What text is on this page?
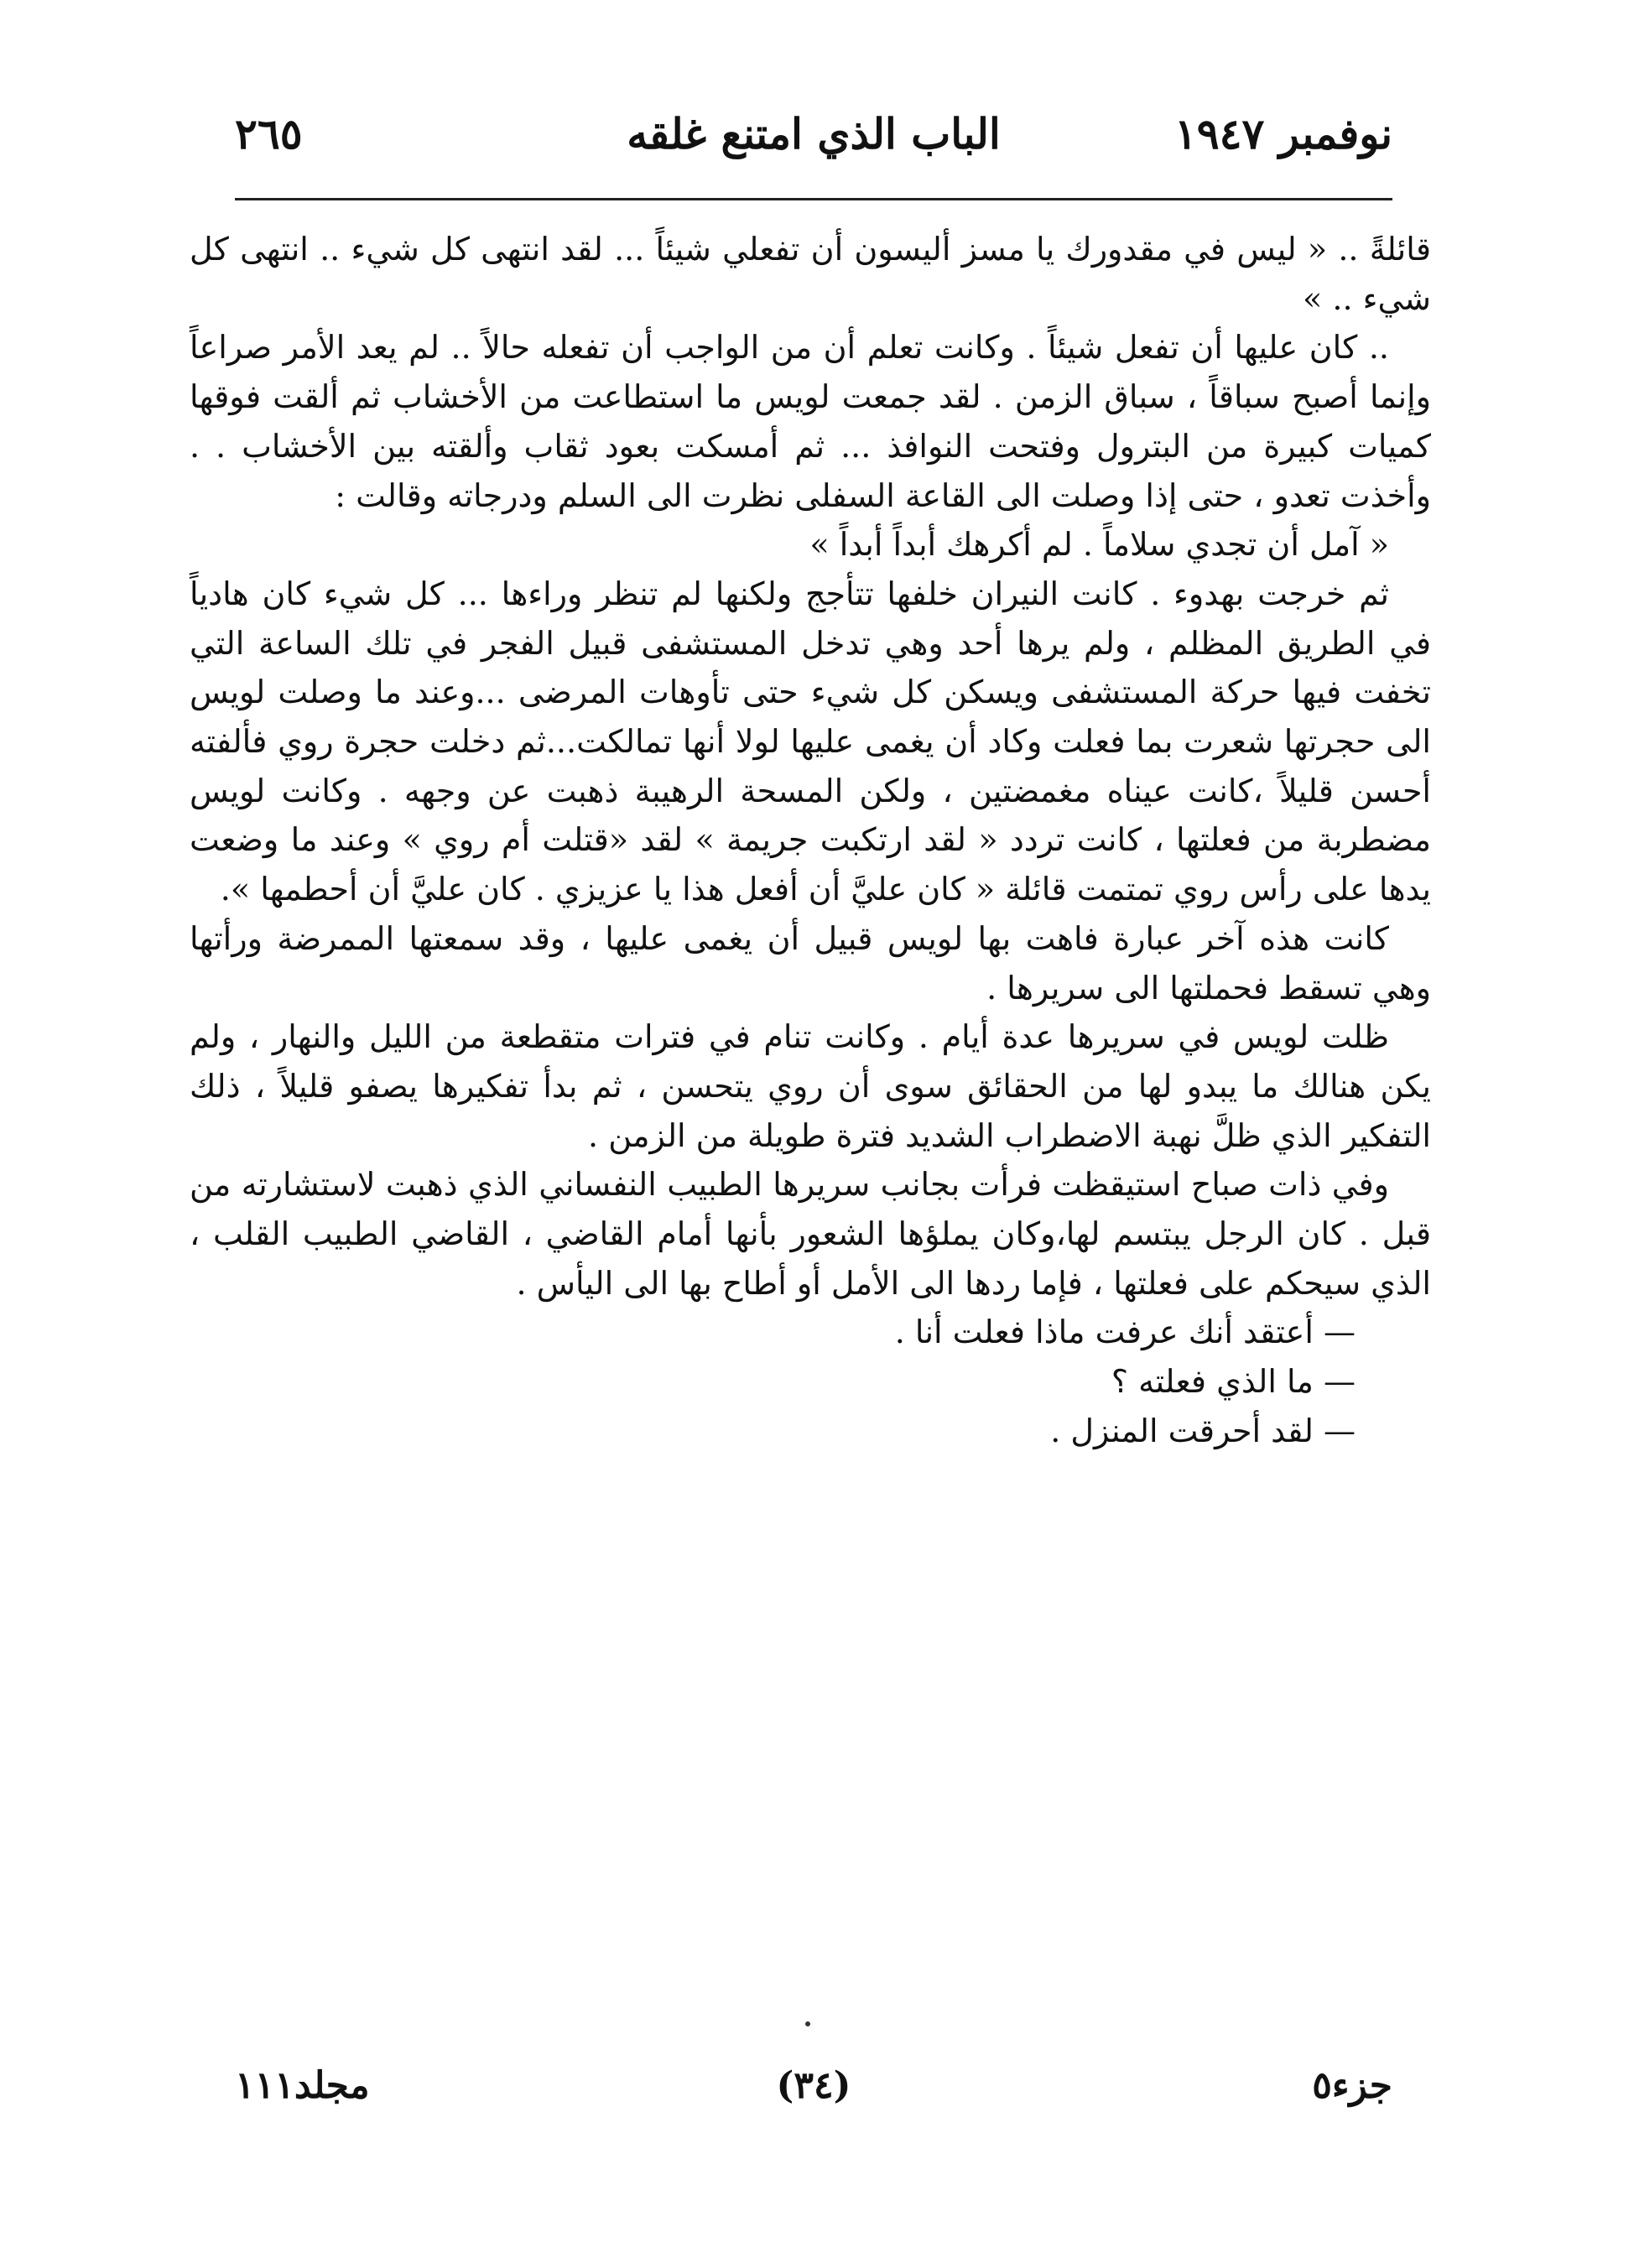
نوفمبر ١٩٤٧
الباب الذي امتنع غلقه
٢٦٥

قائلةً .. « ليس في مقدورك يا مسز أليسون أن تفعلي شيئاً ... لقد انتهى كل شيء .. انتهى كل شيء .. »

.. كان عليها أن تفعل شيئاً . وكانت تعلم أن من الواجب أن تفعله حالاً .. لم يعد الأمر صراعاً وإنما أصبح سباقاً ، سباق الزمن . لقد جمعت لويس ما استطاعت من الأخشاب ثم ألقت فوقها كميات كبيرة من البترول وفتحت النوافذ ... ثم أمسكت بعود ثقاب وألقته بين الأخشاب . . وأخذت تعدو ، حتى إذا وصلت الى القاعة السفلى نظرت الى السلم ودرجاته وقالت :

« آمل أن تجدي سلاماً . لم أكرهك أبداً أبداً »

ثم خرجت بهدوء . كانت النيران خلفها تتأجج ولكنها لم تنظر وراءها ... كل شيء كان هادياً في الطريق المظلم ، ولم يرها أحد وهي تدخل المستشفى قبيل الفجر في تلك الساعة التي تخفت فيها حركة المستشفى ويسكن كل شيء حتى تأوهات المرضى ...وعند ما وصلت لويس الى حجرتها شعرت بما فعلت وكاد أن يغمى عليها لولا أنها تمالكت...ثم دخلت حجرة روي فألفته أحسن قليلاً ،كانت عيناه مغمضتين ، ولكن المسحة الرهيبة ذهبت عن وجهه . وكانت لويس مضطربة من فعلتها ، كانت تردد « لقد ارتكبت جريمة » لقد «قتلت أم روي » وعند ما وضعت يدها على رأس روي تمتمت قائلة « كان عليَّ أن أفعل هذا يا عزيزي . كان عليَّ أن أحطمها ».

كانت هذه آخر عبارة فاهت بها لويس قبيل أن يغمى عليها ، وقد سمعتها الممرضة ورأتها وهي تسقط فحملتها الى سريرها .

ظلت لويس في سريرها عدة أيام . وكانت تنام في فترات متقطعة من الليل والنهار ، ولم يكن هنالك ما يبدو لها من الحقائق سوى أن روي يتحسن ، ثم بدأ تفكيرها يصفو قليلاً ، ذلك التفكير الذي ظلَّ نهبة الاضطراب الشديد فترة طويلة من الزمن .

وفي ذات صباح استيقظت فرأت بجانب سريرها الطبيب النفساني الذي ذهبت لاستشارته من قبل . كان الرجل يبتسم لها،وكان يملؤها الشعور بأنها أمام القاضي ، القاضي الطبيب القلب ، الذي سيحكم على فعلتها ، فإما ردها الى الأمل أو أطاح بها الى اليأس .

— أعتقد أنك عرفت ماذا فعلت أنا .

— ما الذي فعلته ؟

— لقد أحرقت المنزل .

جزء٥
(٣٤)
مجلد١١١
